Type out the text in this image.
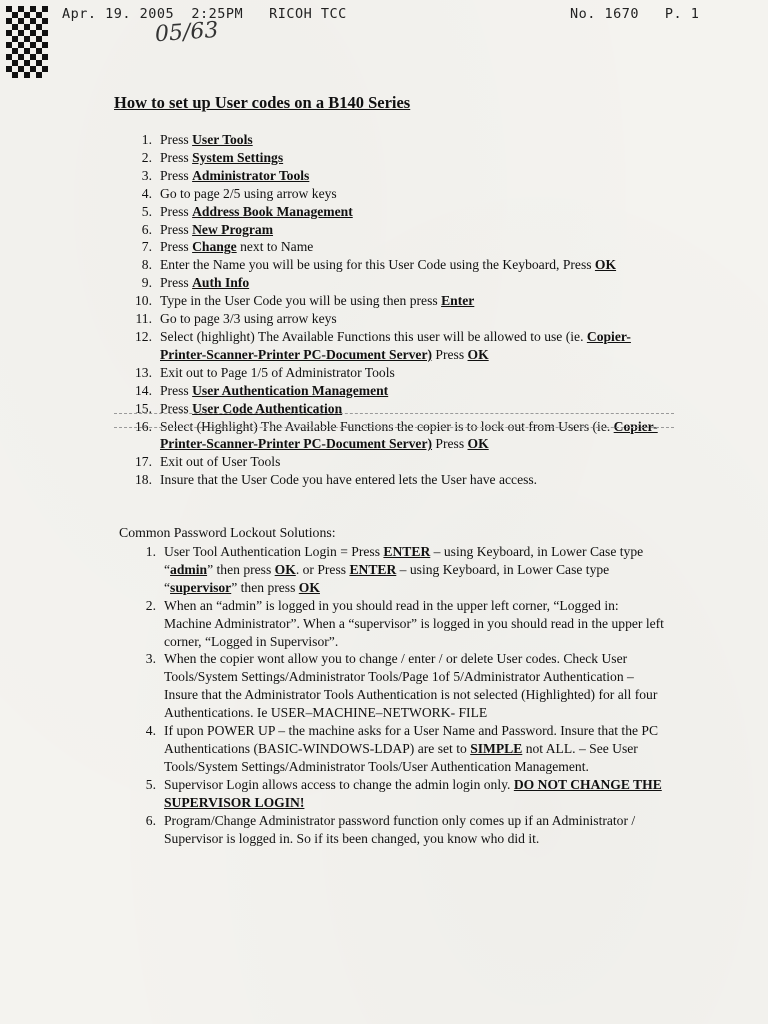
Apr. 19. 2005  2:25PM   RICOH TCC	No. 1670   P. 1
05/63
How to set up User codes on a B140 Series
1. Press User Tools
2. Press System Settings
3. Press Administrator Tools
4. Go to page 2/5 using arrow keys
5. Press Address Book Management
6. Press New Program
7. Press Change next to Name
8. Enter the Name you will be using for this User Code using the Keyboard, Press OK
9. Press Auth Info
10. Type in the User Code you will be using then press Enter
11. Go to page 3/3 using arrow keys
12. Select (highlight) The Available Functions this user will be allowed to use (ie. Copier-Printer-Scanner-Printer PC-Document Server) Press OK
13. Exit out to Page 1/5 of Administrator Tools
14. Press User Authentication Management
15. Press User Code Authentication
16. Select (Highlight) The Available Functions the copier is to lock out from Users (ie. Copier-Printer-Scanner-Printer PC-Document Server) Press OK
17. Exit out of User Tools
18. Insure that the User Code you have entered lets the User have access.
Common Password Lockout Solutions:
1. User Tool Authentication Login = Press ENTER – using Keyboard, in Lower Case type “admin” then press OK. or Press ENTER – using Keyboard, in Lower Case type “supervisor” then press OK
2. When an “admin” is logged in you should read in the upper left corner, “Logged in: Machine Administrator”. When a “supervisor” is logged in you should read in the upper left corner, “Logged in Supervisor”.
3. When the copier wont allow you to change / enter / or delete User codes. Check User Tools/System Settings/Administrator Tools/Page 1of 5/Administrator Authentication – Insure that the Administrator Tools Authentication is not selected (Highlighted) for all four Authentications. Ie USER–MACHINE–NETWORK- FILE
4. If upon POWER UP – the machine asks for a User Name and Password. Insure that the PC Authentications (BASIC-WINDOWS-LDAP) are set to SIMPLE not ALL. – See User Tools/System Settings/Administrator Tools/User Authentication Management.
5. Supervisor Login allows access to change the admin login only. DO NOT CHANGE THE SUPERVISOR LOGIN!
6. Program/Change Administrator password function only comes up if an Administrator / Supervisor is logged in. So if its been changed, you know who did it.
